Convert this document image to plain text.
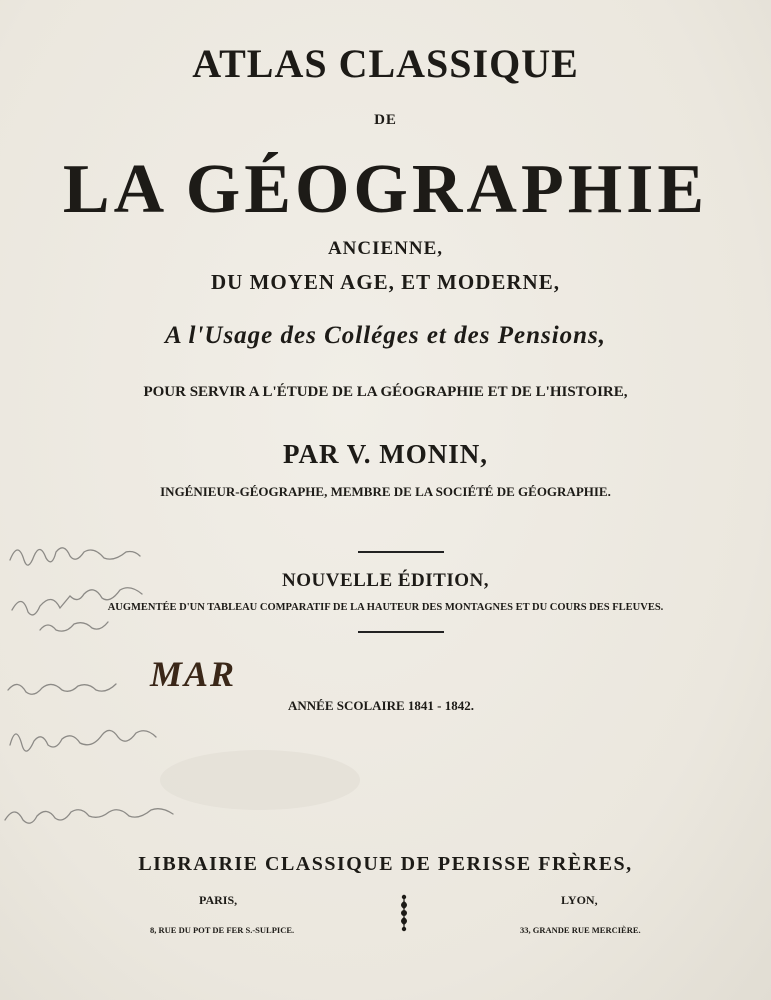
ATLAS CLASSIQUE
DE
LA GÉOGRAPHIE
ANCIENNE,
DU MOYEN AGE, ET MODERNE,
A l'Usage des Colléges et des Pensions,
POUR SERVIR A L'ÉTUDE DE LA GÉOGRAPHIE ET DE L'HISTOIRE,
PAR V. MONIN,
INGÉNIEUR-GÉOGRAPHE, MEMBRE DE LA SOCIÉTÉ DE GÉOGRAPHIE.
NOUVELLE ÉDITION,
AUGMENTÉE D'UN TABLEAU COMPARATIF DE LA HAUTEUR DES MONTAGNES ET DU COURS DES FLEUVES.
MAR
ANNÉE SCOLAIRE 1841 - 1842.
LIBRAIRIE CLASSIQUE DE PERISSE FRÈRES,
PARIS,	LYON,
8, RUE DU POT DE FER S.-SULPICE.	33, GRANDE RUE MERCIÈRE.
